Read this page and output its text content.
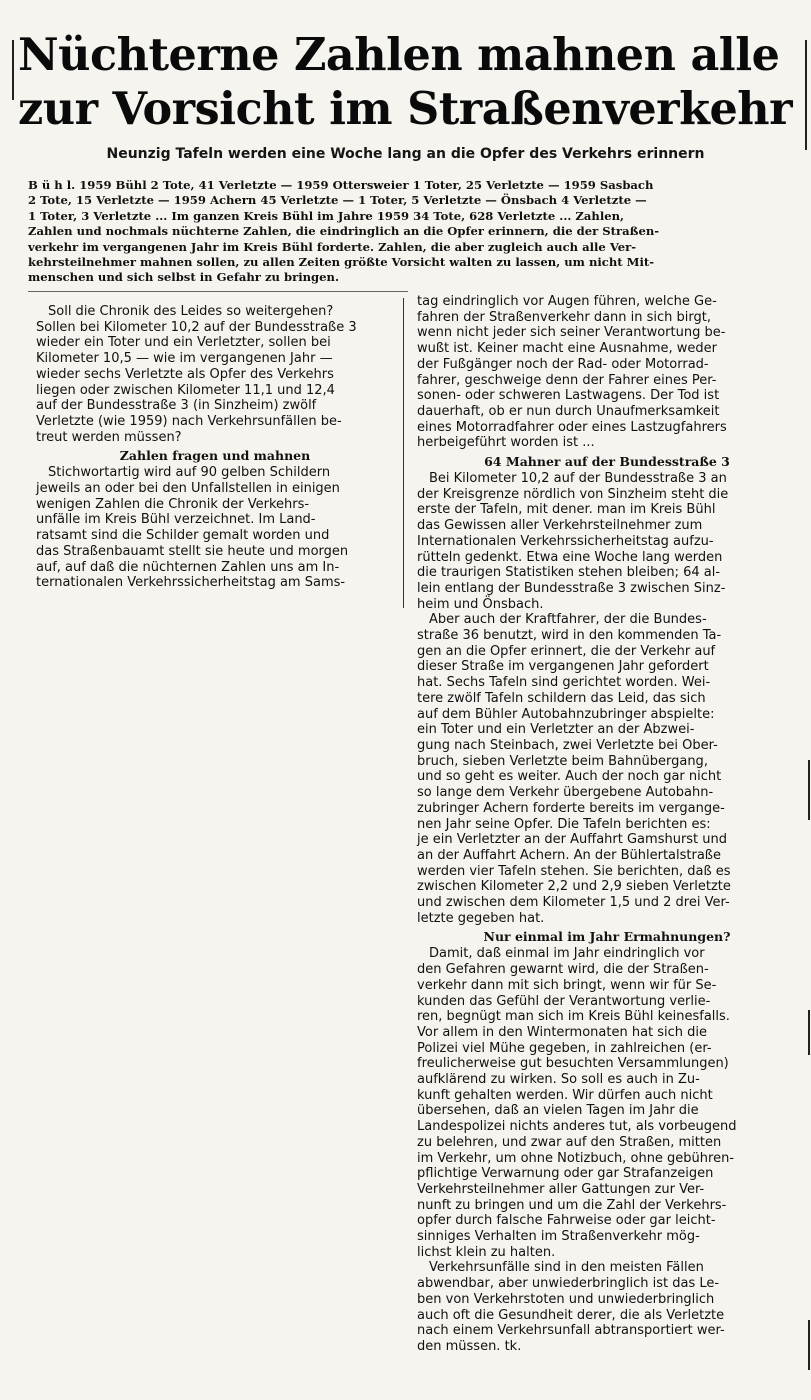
Nüchterne Zahlen mahnen alle
zur Vorsicht im Straßenverkehr
Neunzig Tafeln werden eine Woche lang an die Opfer des Verkehrs erinnern
B ü h l. 1959 Bühl 2 Tote, 41 Verletzte — 1959 Ottersweier 1 Toter, 25 Verletzte — 1959 Sasbach
2 Tote, 15 Verletzte — 1959 Achern 45 Verletzte — 1 Toter, 5 Verletzte — Önsbach 4 Verletzte —
1 Toter, 3 Verletzte ... Im ganzen Kreis Bühl im Jahre 1959 34 Tote, 628 Verletzte ... Zahlen,
Zahlen und nochmals nüchterne Zahlen, die eindringlich an die Opfer erinnern, die der Straßen-
verkehr im vergangenen Jahr im Kreis Bühl forderte. Zahlen, die aber zugleich auch alle Ver-
kehrsteilnehmer mahnen sollen, zu allen Zeiten größte Vorsicht walten zu lassen, um nicht Mit-
menschen und sich selbst in Gefahr zu bringen.
Soll die Chronik des Leides so weitergehen?
Sollen bei Kilometer 10,2 auf der Bundesstraße 3
wieder ein Toter und ein Verletzter, sollen bei
Kilometer 10,5 — wie im vergangenen Jahr —
wieder sechs Verletzte als Opfer des Verkehrs
liegen oder zwischen Kilometer 11,1 und 12,4
auf der Bundesstraße 3 (in Sinzheim) zwölf
Verletzte (wie 1959) nach Verkehrsunfällen be-
treut werden müssen?
Zahlen fragen und mahnen
Stichwortartig wird auf 90 gelben Schildern
jeweils an oder bei den Unfallstellen in einigen
wenigen Zahlen die Chronik der Verkehrs-
unfälle im Kreis Bühl verzeichnet. Im Land-
ratsamt sind die Schilder gemalt worden und
das Straßenbauamt stellt sie heute und morgen
auf, auf daß die nüchternen Zahlen uns am In-
ternationalen Verkehrssicherheitstag am Sams-
tag eindringlich vor Augen führen, welche Ge-
fahren der Straßenverkehr dann in sich birgt,
wenn nicht jeder sich seiner Verantwortung be-
wußt ist. Keiner macht eine Ausnahme, weder
der Fußgänger noch der Rad- oder Motorrad-
fahrer, geschweige denn der Fahrer eines Per-
sonen- oder schweren Lastwagens. Der Tod ist
dauerhaft, ob er nun durch Unaufmerksamkeit
eines Motorradfahrer oder eines Lastzugfahrers
herbeigeführt worden ist ...
64 Mahner auf der Bundesstraße 3
Bei Kilometer 10,2 auf der Bundesstraße 3 an
der Kreisgrenze nördlich von Sinzheim steht die
erste der Tafeln, mit dener. man im Kreis Bühl
das Gewissen aller Verkehrsteilnehmer zum
Internationalen Verkehrssicherheitstag aufzu-
rütteln gedenkt. Etwa eine Woche lang werden
die traurigen Statistiken stehen bleiben; 64 al-
lein entlang der Bundesstraße 3 zwischen Sinz-
heim und Önsbach.
Aber auch der Kraftfahrer, der die Bundes-
straße 36 benutzt, wird in den kommenden Ta-
gen an die Opfer erinnert, die der Verkehr auf
dieser Straße im vergangenen Jahr gefordert
hat. Sechs Tafeln sind gerichtet worden. Wei-
tere zwölf Tafeln schildern das Leid, das sich
auf dem Bühler Autobahnzubringer abspielte:
ein Toter und ein Verletzter an der Abzwei-
gung nach Steinbach, zwei Verletzte bei Ober-
bruch, sieben Verletzte beim Bahnübergang,
und so geht es weiter. Auch der noch gar nicht
so lange dem Verkehr übergebene Autobahn-
zubringer Achern forderte bereits im vergange-
nen Jahr seine Opfer. Die Tafeln berichten es:
je ein Verletzter an der Auffahrt Gamshurst und
an der Auffahrt Achern. An der Bühlertalstraße
werden vier Tafeln stehen. Sie berichten, daß es
zwischen Kilometer 2,2 und 2,9 sieben Verletzte
und zwischen dem Kilometer 1,5 und 2 drei Ver-
letzte gegeben hat.
Nur einmal im Jahr Ermahnungen?
Damit, daß einmal im Jahr eindringlich vor
den Gefahren gewarnt wird, die der Straßen-
verkehr dann mit sich bringt, wenn wir für Se-
kunden das Gefühl der Verantwortung verlie-
ren, begnügt man sich im Kreis Bühl keinesfalls.
Vor allem in den Wintermonaten hat sich die
Polizei viel Mühe gegeben, in zahlreichen (er-
freulicherweise gut besuchten Versammlungen)
aufklärend zu wirken. So soll es auch in Zu-
kunft gehalten werden. Wir dürfen auch nicht
übersehen, daß an vielen Tagen im Jahr die
Landespolizei nichts anderes tut, als vorbeugend
zu belehren, und zwar auf den Straßen, mitten
im Verkehr, um ohne Notizbuch, ohne gebühren-
pflichtige Verwarnung oder gar Strafanzeigen
Verkehrsteilnehmer aller Gattungen zur Ver-
nunft zu bringen und um die Zahl der Verkehrs-
opfer durch falsche Fahrweise oder gar leicht-
sinniges Verhalten im Straßenverkehr mög-
lichst klein zu halten.
Verkehrsunfälle sind in den meisten Fällen
abwendbar, aber unwiederbringlich ist das Le-
ben von Verkehrstoten und unwiederbringlich
auch oft die Gesundheit derer, die als Verletzte
nach einem Verkehrsunfall abtransportiert wer-
den müssen. tk.
